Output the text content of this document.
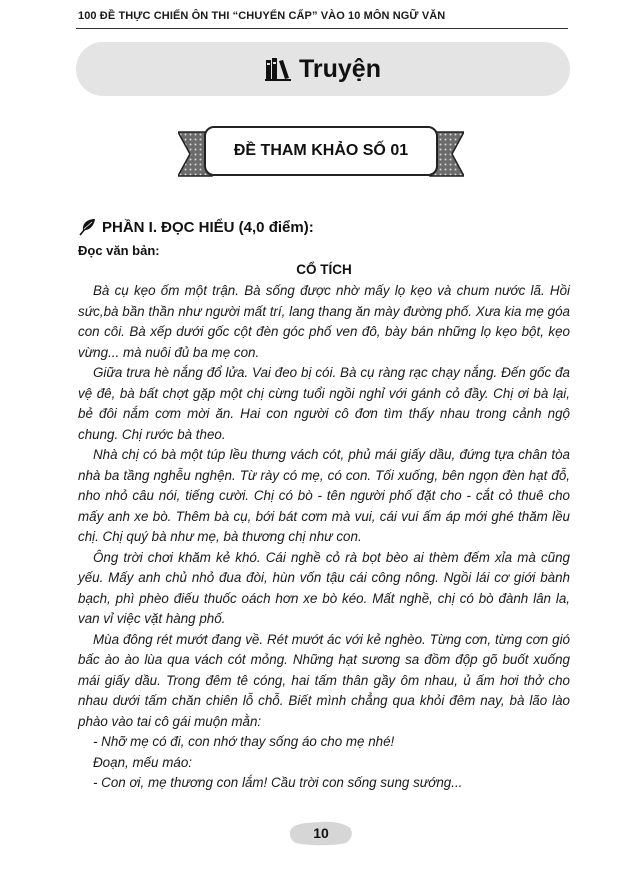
100 ĐỀ THỰC CHIẾN ÔN THI “CHUYỂN CẤP” VÀO 10 MÔN NGỮ VĂN
Truyện
ĐỀ THAM KHẢO SỐ 01
PHẦN I. ĐỌC HIỂU (4,0 điểm):
Đọc văn bản:
CỔ TÍCH

Bà cụ kẹo ốm một trận. Bà sống được nhờ mấy lọ kẹo và chum nước lã. Hồi sức,bà bần thần như người mất trí, lang thang ăn mày đường phố. Xưa kia mẹ góa con côi. Bà xếp dưới gốc cột đèn góc phố ven đô, bày bán những lọ kẹo bột, kẹo vừng... mà nuôi đủ ba mẹ con.

Giữa trưa hè nắng đổ lửa. Vai đeo bị cói. Bà cụ ràng rạc chạy nắng. Đến gốc đa vệ đê, bà bất chợt gặp một chị cừng tuổi ngồi nghỉ với gánh cỏ đầy. Chị ơi bà lại, bẻ đôi nắm cơm mời ăn. Hai con người cô đơn tìm thấy nhau trong cảnh ngộ chung. Chị rước bà theo.

Nhà chị có bà một túp lều thưng vách cót, phủ mái giấy dầu, đứng tựa chân tòa nhà ba tầng nghễu nghện. Từ rày có mẹ, có con. Tối xuống, bên ngọn đèn hạt đỗ, nho nhỏ câu nói, tiếng cười. Chị có bò - tên người phố đặt cho - cắt cỏ thuê cho mấy anh xe bò. Thêm bà cụ, bới bát cơm mà vui, cái vui ấm áp mới ghé thăm lều chị. Chị quý bà như mẹ, bà thương chị như con.

Ông trời chơi khăm kẻ khó. Cái nghề cỏ rà bọt bèo ai thèm đếm xỉa mà cũng yếu. Mấy anh chủ nhỏ đua đòi, hùn vốn tậu cái công nông. Ngồi lái cơ giới bành bạch, phì phèo điếu thuốc oách hơn xe bò kéo. Mất nghề, chị có bò đành lân la, van vỉ việc vặt hàng phố.

Mùa đông rét mướt đang về. Rét mướt ác với kẻ nghèo. Từng cơn, từng cơn gió bấc ào ào lùa qua vách cót mỏng. Những hạt sương sa đồm độp gõ buốt xuống mái giấy dầu. Trong đêm tê cóng, hai tấm thân gầy ôm nhau, ủ ấm hơi thở cho nhau dưới tấm chăn chiên lỗ chỗ. Biết mình chẳng qua khỏi đêm nay, bà lão lào phào vào tai cô gái muộn mằn:

- Nhỡ mẹ có đi, con nhớ thay sống áo cho mẹ nhé!

Đoạn, mếu máo:

- Con ơi, mẹ thương con lắm! Cầu trời con sống sung sướng...

10
